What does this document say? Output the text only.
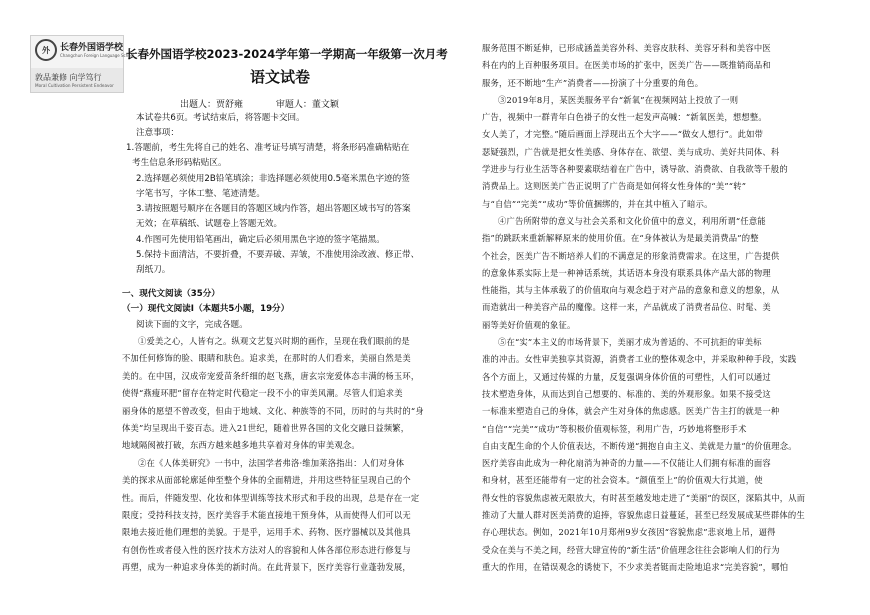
外	长春外国语学校
Changchun Foreign Language School
敦品兼修 向学笃行
Moral Cultivation Persistent Endeavor
长春外国语学校2023-2024学年第一学期高一年级第一次月考
语文试卷
出题人：贾舒雍	审题人：董文颖

本试卷共6页。考试结束后，将答题卡交回。

注意事项：

1.答题前，考生先将自己的姓名、准考证号填写清楚，将条形码准确粘贴在

考生信息条形码粘贴区。

2.选择题必须使用2B铅笔填涂；非选择题必须使用0.5毫米黑色字迹的签

字笔书写，字体工整、笔迹清楚。

3.请按照题号顺序在各题目的答题区域内作答，超出答题区域书写的答案

无效；在草稿纸、试题卷上答题无效。

4.作图可先使用铅笔画出，确定后必须用黑色字迹的签字笔描黑。

5.保持卡面清洁，不要折叠，不要弄破、弄皱，不准使用涂改液、修正带、

刮纸刀。

一、现代文阅读（35分）
（一）现代文阅读Ⅰ（本题共5小题，19分）
阅读下面的文字，完成各题。

①爱美之心，人皆有之。纵观文艺复兴时期的画作，呈现在我们眼前的是

不加任何修饰的脸、眼睛和肤色。追求美，在那时的人们看来，美丽自然是美

美的。在中国，汉成帝宠爱苗条纤细的赵飞燕，唐玄宗宠爱体态丰满的杨玉环，

使得“燕瘦环肥”留存在特定时代稳定一段不小的审美风潮。尽管人们追求美

丽身体的愿望不曾改变，但由于地域、文化、种族等的不同，历时的与共时的“身

体美”均呈现出千姿百态。进入21世纪，随着世界各国的文化交融日益频繁，

地域隔阂被打破，东西方越来越多地共享着对身体的审美观念。

②在《人体美研究》一书中，法国学者弗洛·维加莱洛指出：人们对身体

美的探求从面部轮廓延伸至整个身体的全面精进，并用这些特征呈现自己的个

性。而后，伴随发型、化妆和体型训练等技术形式和手段的出现，总是存在一定

限度；受持科技支持，医疗美容手术能直接地干预身体，从而使得人们可以无

限地去接近他们理想的美貌。于是乎，运用手术、药物、医疗器械以及其他具

有创伤性或者侵入性的医疗技术方法对人的容貌和人体各部位形态进行修复与

再塑，成为一种追求身体美的新时尚。在此背景下，医疗美容行业蓬勃发展，

服务范围不断延伸，已形成涵盖美容外科、美容皮肤科、美容牙科和美容中医

科在内的上百种服务项目。在医美市场的扩张中，医美广告——既推销商品和

服务，还不断地“生产”消费者——扮演了十分重要的角色。

③2019年8月，某医美服务平台“新氧”在视频网站上投放了一则

广告，视频中一群青年白色褂子的女性一起发声高喊：“新氧医美，想想整。

女人美了，才完整。”随后画面上浮现出五个大字——“做女人想行”。此如带

瑟疑强烈，广告就是把女性美感、身体存在、欲望、美与成功、美好共同体、科

学进步与行业生活等各种要素联结着在广告中，诱导欲、消费欲、自我欲等千般的

消费品上。这则医美广告正说明了广告商是如何将女性身体的“美”“转”

与“自信”“完美”“成功”等价值捆绑的，并在其中植入了暗示。

④广告所附带的意义与社会关系和文化价值中的意义，利用所谓“任意能

指”的跳跃来重新解释原来的使用价值。在“身体被认为是最美消费品”的整

个社会，医美广告不断培养人们的不满意足的形象消费需求。在这里，广告提供

的意象体系实际上是一种神话系统，其话语本身没有联系具体产品大部的物理

性能指，其与主体承载了的价值取向与观念趋于对产品的意象和意义的想象，从

而造就出一种美容产品的魔像。这样一来，产品就成了消费者品位、时髦、美

丽等美好价值观的象征。

⑤在“实”本主义的市场背景下，美丽才成为普适的、不可抗拒的审美标

准的冲击。女性审美独享其资源，消费者工业的整体观念中，并采取种种手段，实践

各个方面上，又通过传媒的力量，反复强调身体价值的可塑性，人们可以通过

技术塑造身体，从而达到自己想要的、标准的、美的外观形象。如果不接受这

一标准来塑造自己的身体，就会产生对身体的焦虑感。医美广告主打的就是一种

“自信”“完美”“成功”等积极价值观标签，利用广告，巧妙地将整形手术

自由支配生命的个人价值表达，不断传递“拥抱自由主义、美就是力量”的价值理念。

医疗美容由此成为一种化扇消为神奇的力量——不仅能让人们拥有标准的面容

和身材，甚至还能带有一定的社会资本。“颜值至上”的价值观大行其道，使

得女性的容貌焦虑被无限放大，有时甚至越发地走进了“美丽”的误区，深陷其中，从而

推动了大量人群对医美消费的追捧，容貌焦虑日益蔓延，甚至已经发展成某些群体的生

存心理状态。例如，2021年10月郑州9岁女孩因“容貌焦虑”悲哀地上吊，逼得

受众在美与不美之间，经营大肆宣传的“新生活”价值理念往往会影响人们的行为

重大的作用，在错误观念的诱使下，不少求美者铤而走险地追求“完美容貌”，哪怕
